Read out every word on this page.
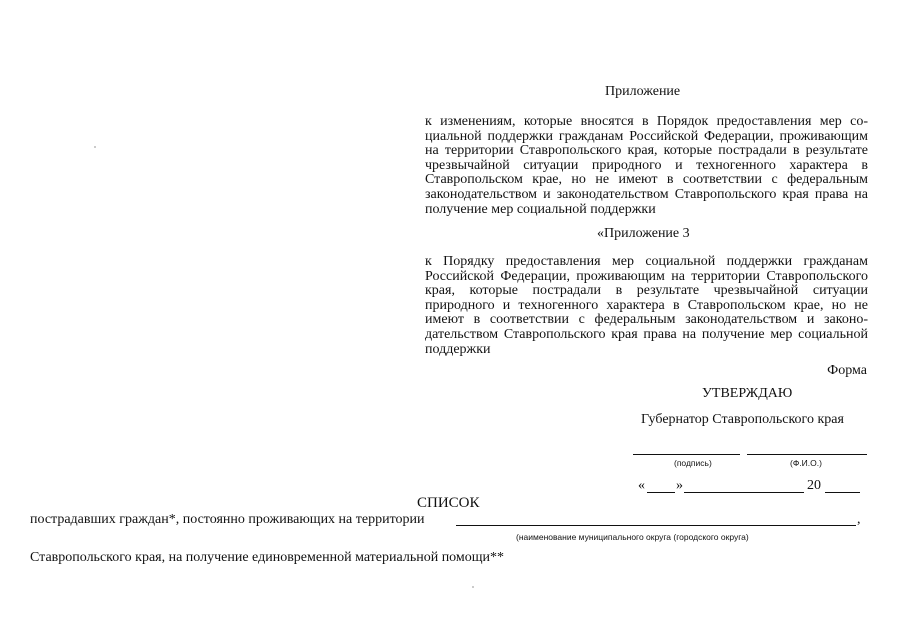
Приложение
к изменениям, которые вносятся в Порядок предоставления мер социальной поддержки гражданам Российской Федерации, проживающим на территории Ставропольского края, которые пострадали в результате чрезвычайной ситуации природного и техногенного характера в Ставропольском крае, но не имеют в соответствии с федеральным законодательством и законодательством Ставропольского края права на получение мер социальной поддержки
«Приложение 3
к Порядку предоставления мер социальной поддержки гражданам Российской Федерации, проживающим на территории Ставропольского края, которые пострадали в результате чрезвычайной ситуации природного и техногенного характера в Ставропольском крае, но не имеют в соответствии с федеральным законодательством и законодательством Ставропольского края права на получение мер социальной поддержки
Форма
УТВЕРЖДАЮ
Губернатор Ставропольского края
(подпись)	(Ф.И.О.)
« »	20
СПИСОК
пострадавших граждан*, постоянно проживающих на территории	,
(наименование муниципального округа (городского округа)
Ставропольского края, на получение единовременной материальной помощи**
